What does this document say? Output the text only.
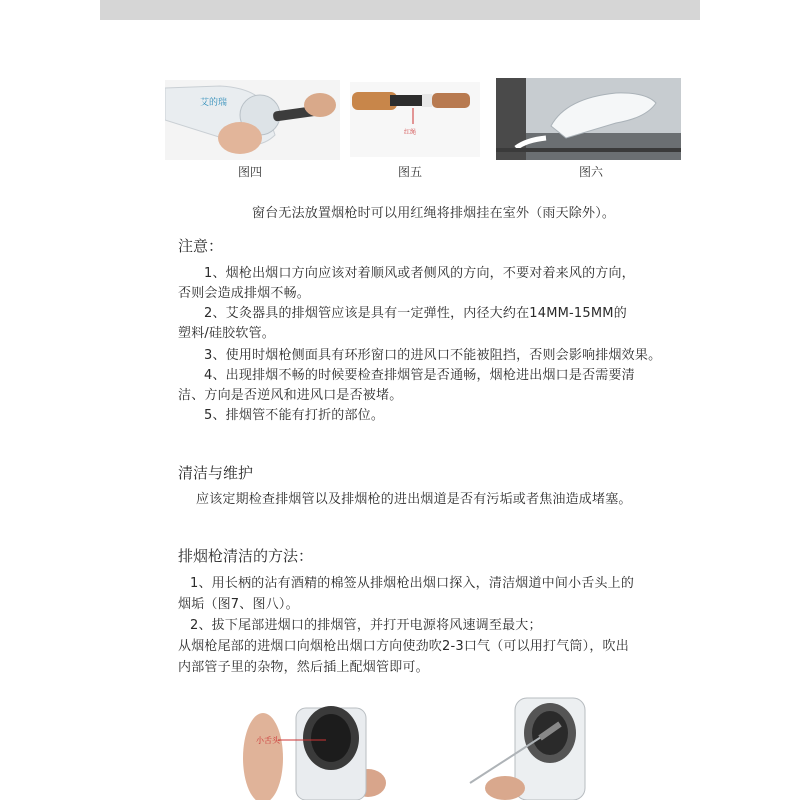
艾的瑞
图四
红绳
图五	图六
窗台无法放置烟枪时可以用红绳将排烟挂在室外（雨天除外）。
注意：
1、烟枪出烟口方向应该对着顺风或者侧风的方向，不要对着来风的方向，
否则会造成排烟不畅。
2、艾灸器具的排烟管应该是具有一定弹性，内径大约在14MM-15MM的
塑料/硅胶软管。
3、使用时烟枪侧面具有环形窗口的进风口不能被阻挡，否则会影响排烟效果。
4、出现排烟不畅的时候要检查排烟管是否通畅，烟枪进出烟口是否需要清
洁、方向是否逆风和进风口是否被堵。
5、排烟管不能有打折的部位。
清洁与维护
应该定期检查排烟管以及排烟枪的进出烟道是否有污垢或者焦油造成堵塞。
排烟枪清洁的方法：
1、用长柄的沾有酒精的棉签从排烟枪出烟口探入，清洁烟道中间小舌头上的
烟垢（图7、图八）。
2、拔下尾部进烟口的排烟管，并打开电源将风速调至最大；
从烟枪尾部的进烟口向烟枪出烟口方向使劲吹2-3口气（可以用打气筒），吹出
内部管子里的杂物，然后插上配烟管即可。
小舌头
